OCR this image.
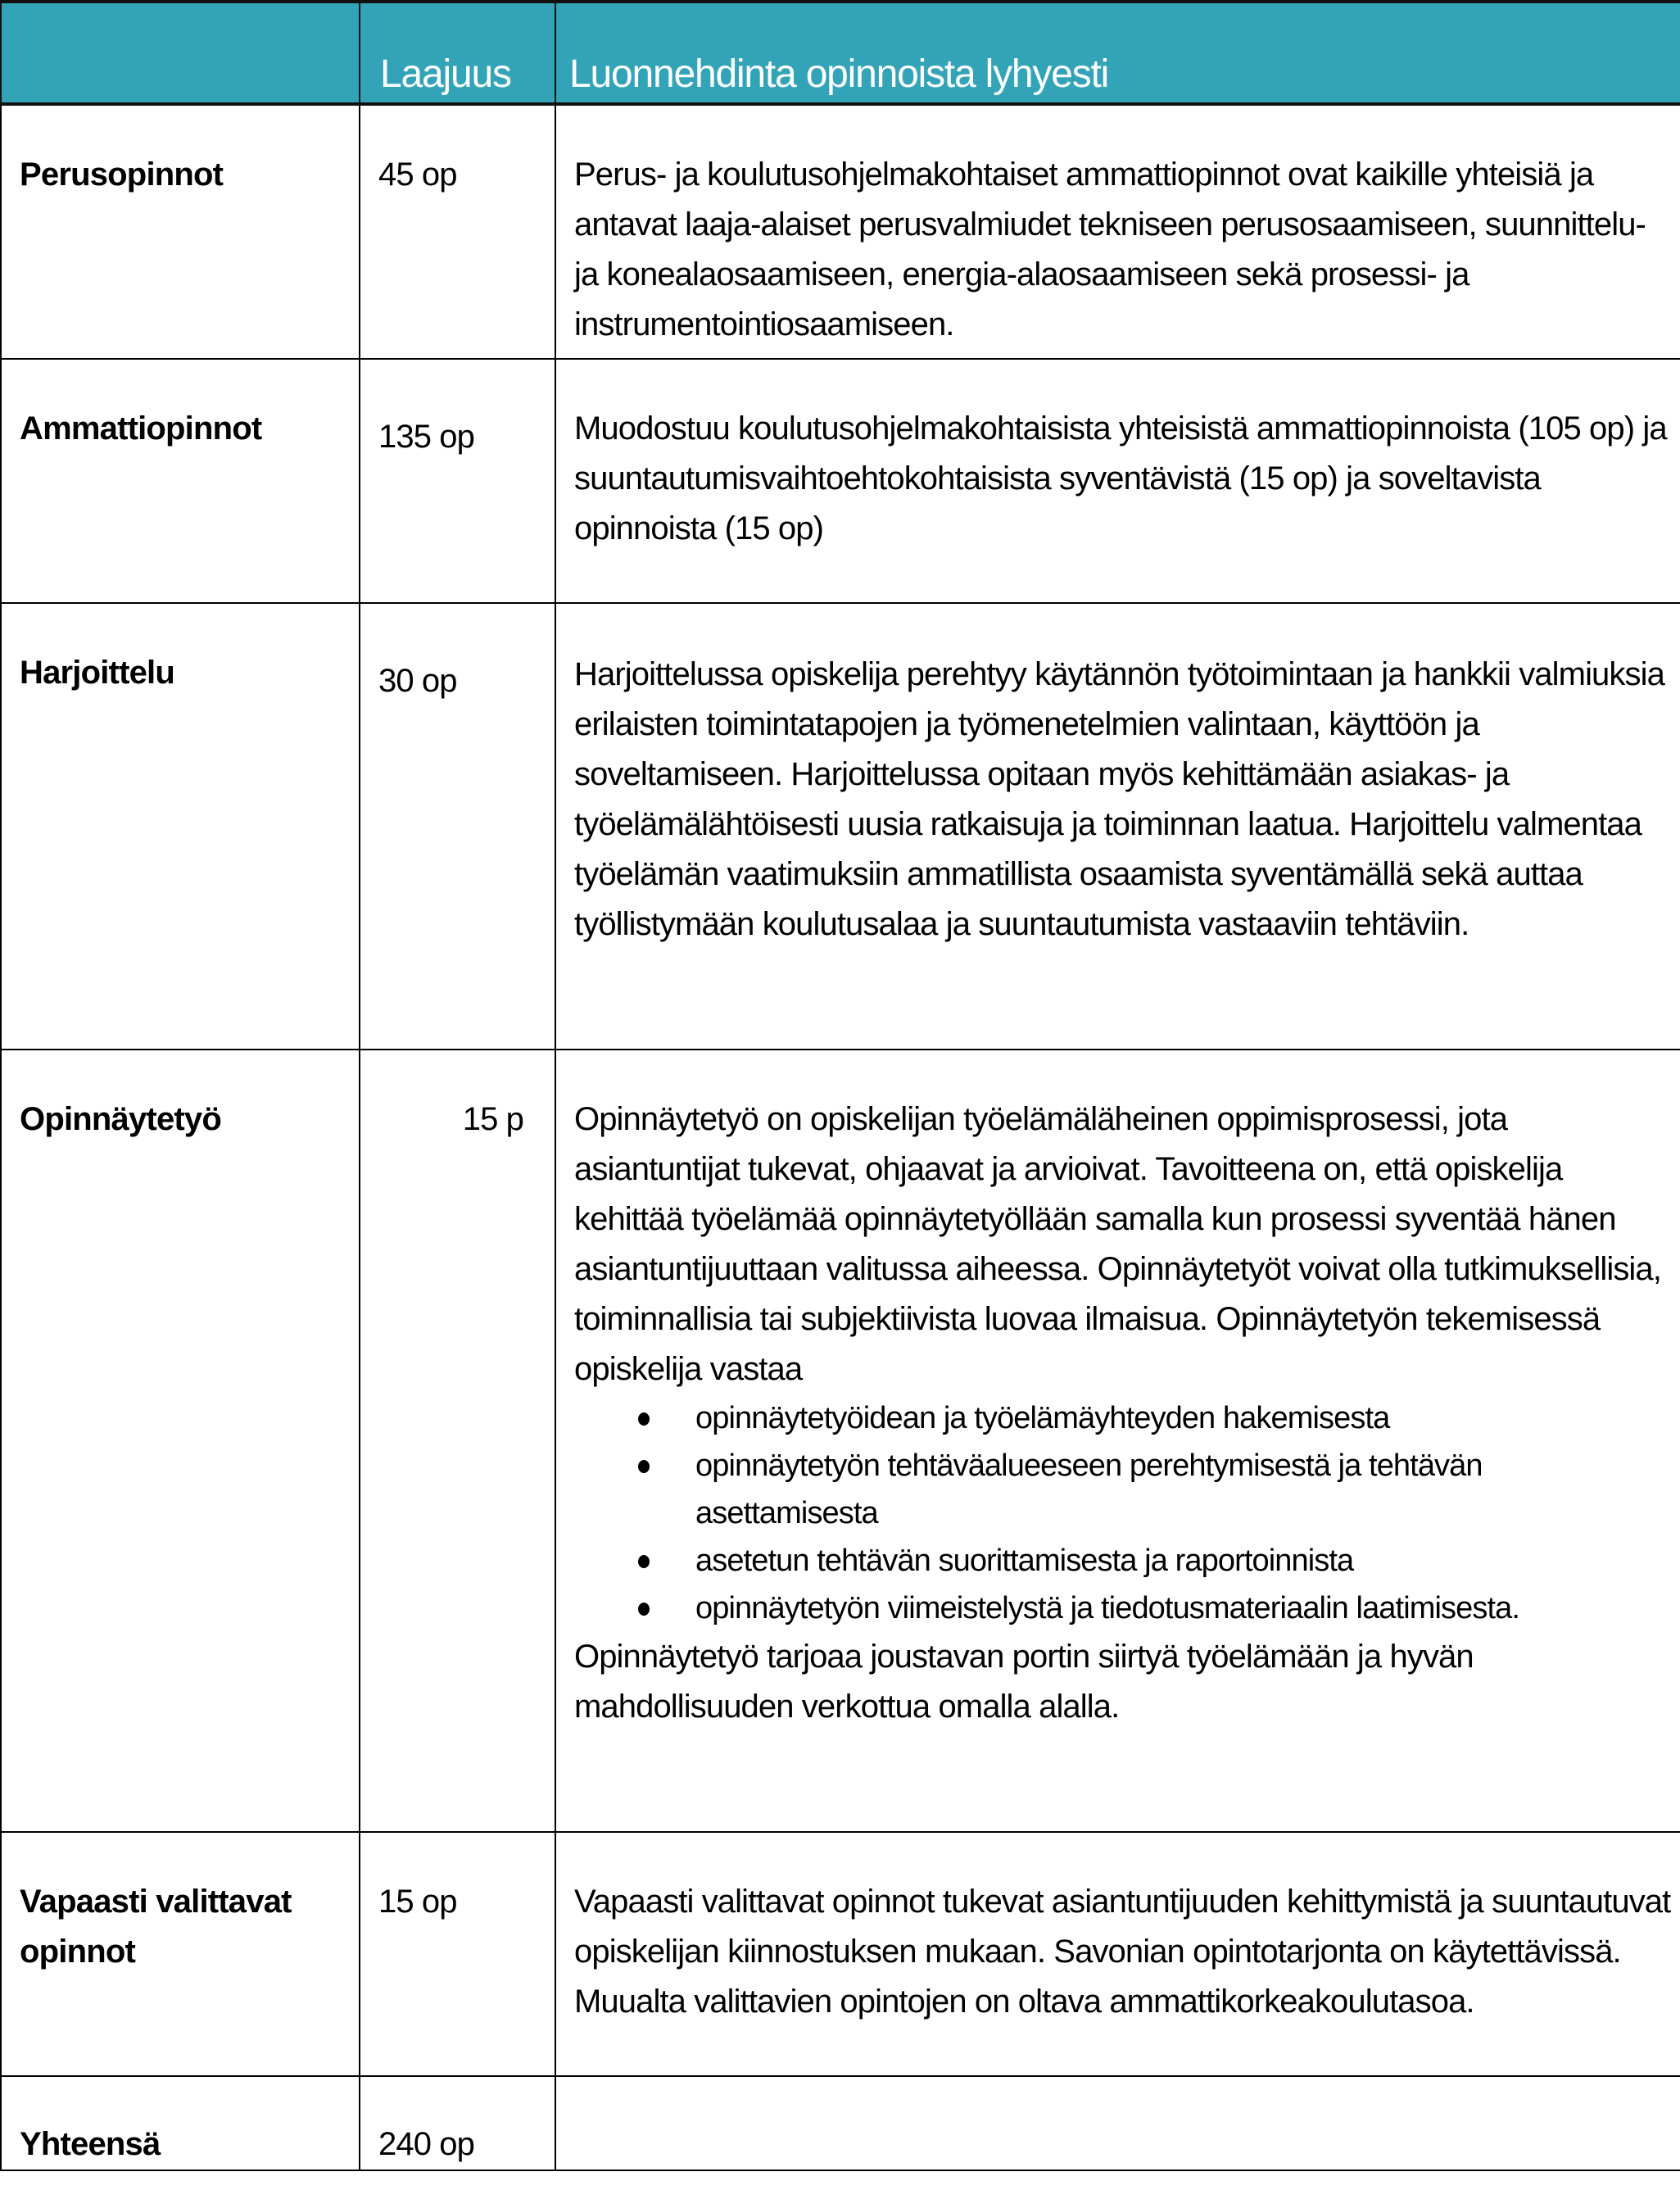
	Laajuus	Luonnehdinta opinnoista lyhyesti

Perusopinnot	45 op	Perus- ja koulutusohjelmakohtaiset ammattiopinnot ovat kaikille yhteisiä ja antavat laaja-alaiset perusvalmiudet tekniseen perusosaamiseen, suunnittelu- ja konealaosaamiseen, energia-alaosaamiseen sekä prosessi- ja instrumentointiosaamiseen.

Ammattiopinnot	135 op	Muodostuu koulutusohjelmakohtaisista yhteisistä ammattiopinnoista (105 op) ja suuntautumisvaihtoehtokohtaisista syventävistä (15 op) ja soveltavista opinnoista (15 op)

Harjoittelu	30 op	Harjoittelussa opiskelija perehtyy käytännön työtoimintaan ja hankkii valmiuksia erilaisten toimintatapojen ja työmenetelmien valintaan, käyttöön ja soveltamiseen. Harjoittelussa opitaan myös kehittämään asiakas- ja työelämälähtöisesti uusia ratkaisuja ja toiminnan laatua. Harjoittelu valmentaa työelämän vaatimuksiin ammatillista osaamista syventämällä sekä auttaa työllistymään koulutusalaa ja suuntautumista vastaaviin tehtäviin.

Opinnäytetyö	15 p	Opinnäytetyö on opiskelijan työelämäläheinen oppimisprosessi, jota asiantuntijat tukevat, ohjaavat ja arvioivat. Tavoitteena on, että opiskelija kehittää työelämää opinnäytetyöllään samalla kun prosessi syventää hänen asiantuntijuuttaan valitussa aiheessa. Opinnäytetyöt voivat olla tutkimuksellisia, toiminnallisia tai subjektiivista luovaa ilmaisua. Opinnäytetyön tekemisessä opiskelija vastaa

opinnäytetyöidean ja työelämäyhteyden hakemisesta
opinnäytetyön tehtäväalueeseen perehtymisestä ja tehtävän asettamisesta
asetetun tehtävän suorittamisesta ja raportoinnista
opinnäytetyön viimeistelystä ja tiedotusmateriaalin laatimisesta.

Opinnäytetyö tarjoaa joustavan portin siirtyä työelämään ja hyvän mahdollisuuden verkottua omalla alalla.

Vapaasti valittavat opinnot	15 op	Vapaasti valittavat opinnot tukevat asiantuntijuuden kehittymistä ja suuntautuvat opiskelijan kiinnostuksen mukaan. Savonian opintotarjonta on käytettävissä. Muualta valittavien opintojen on oltava ammattikorkeakoulutasoa.

Yhteensä	240 op	
